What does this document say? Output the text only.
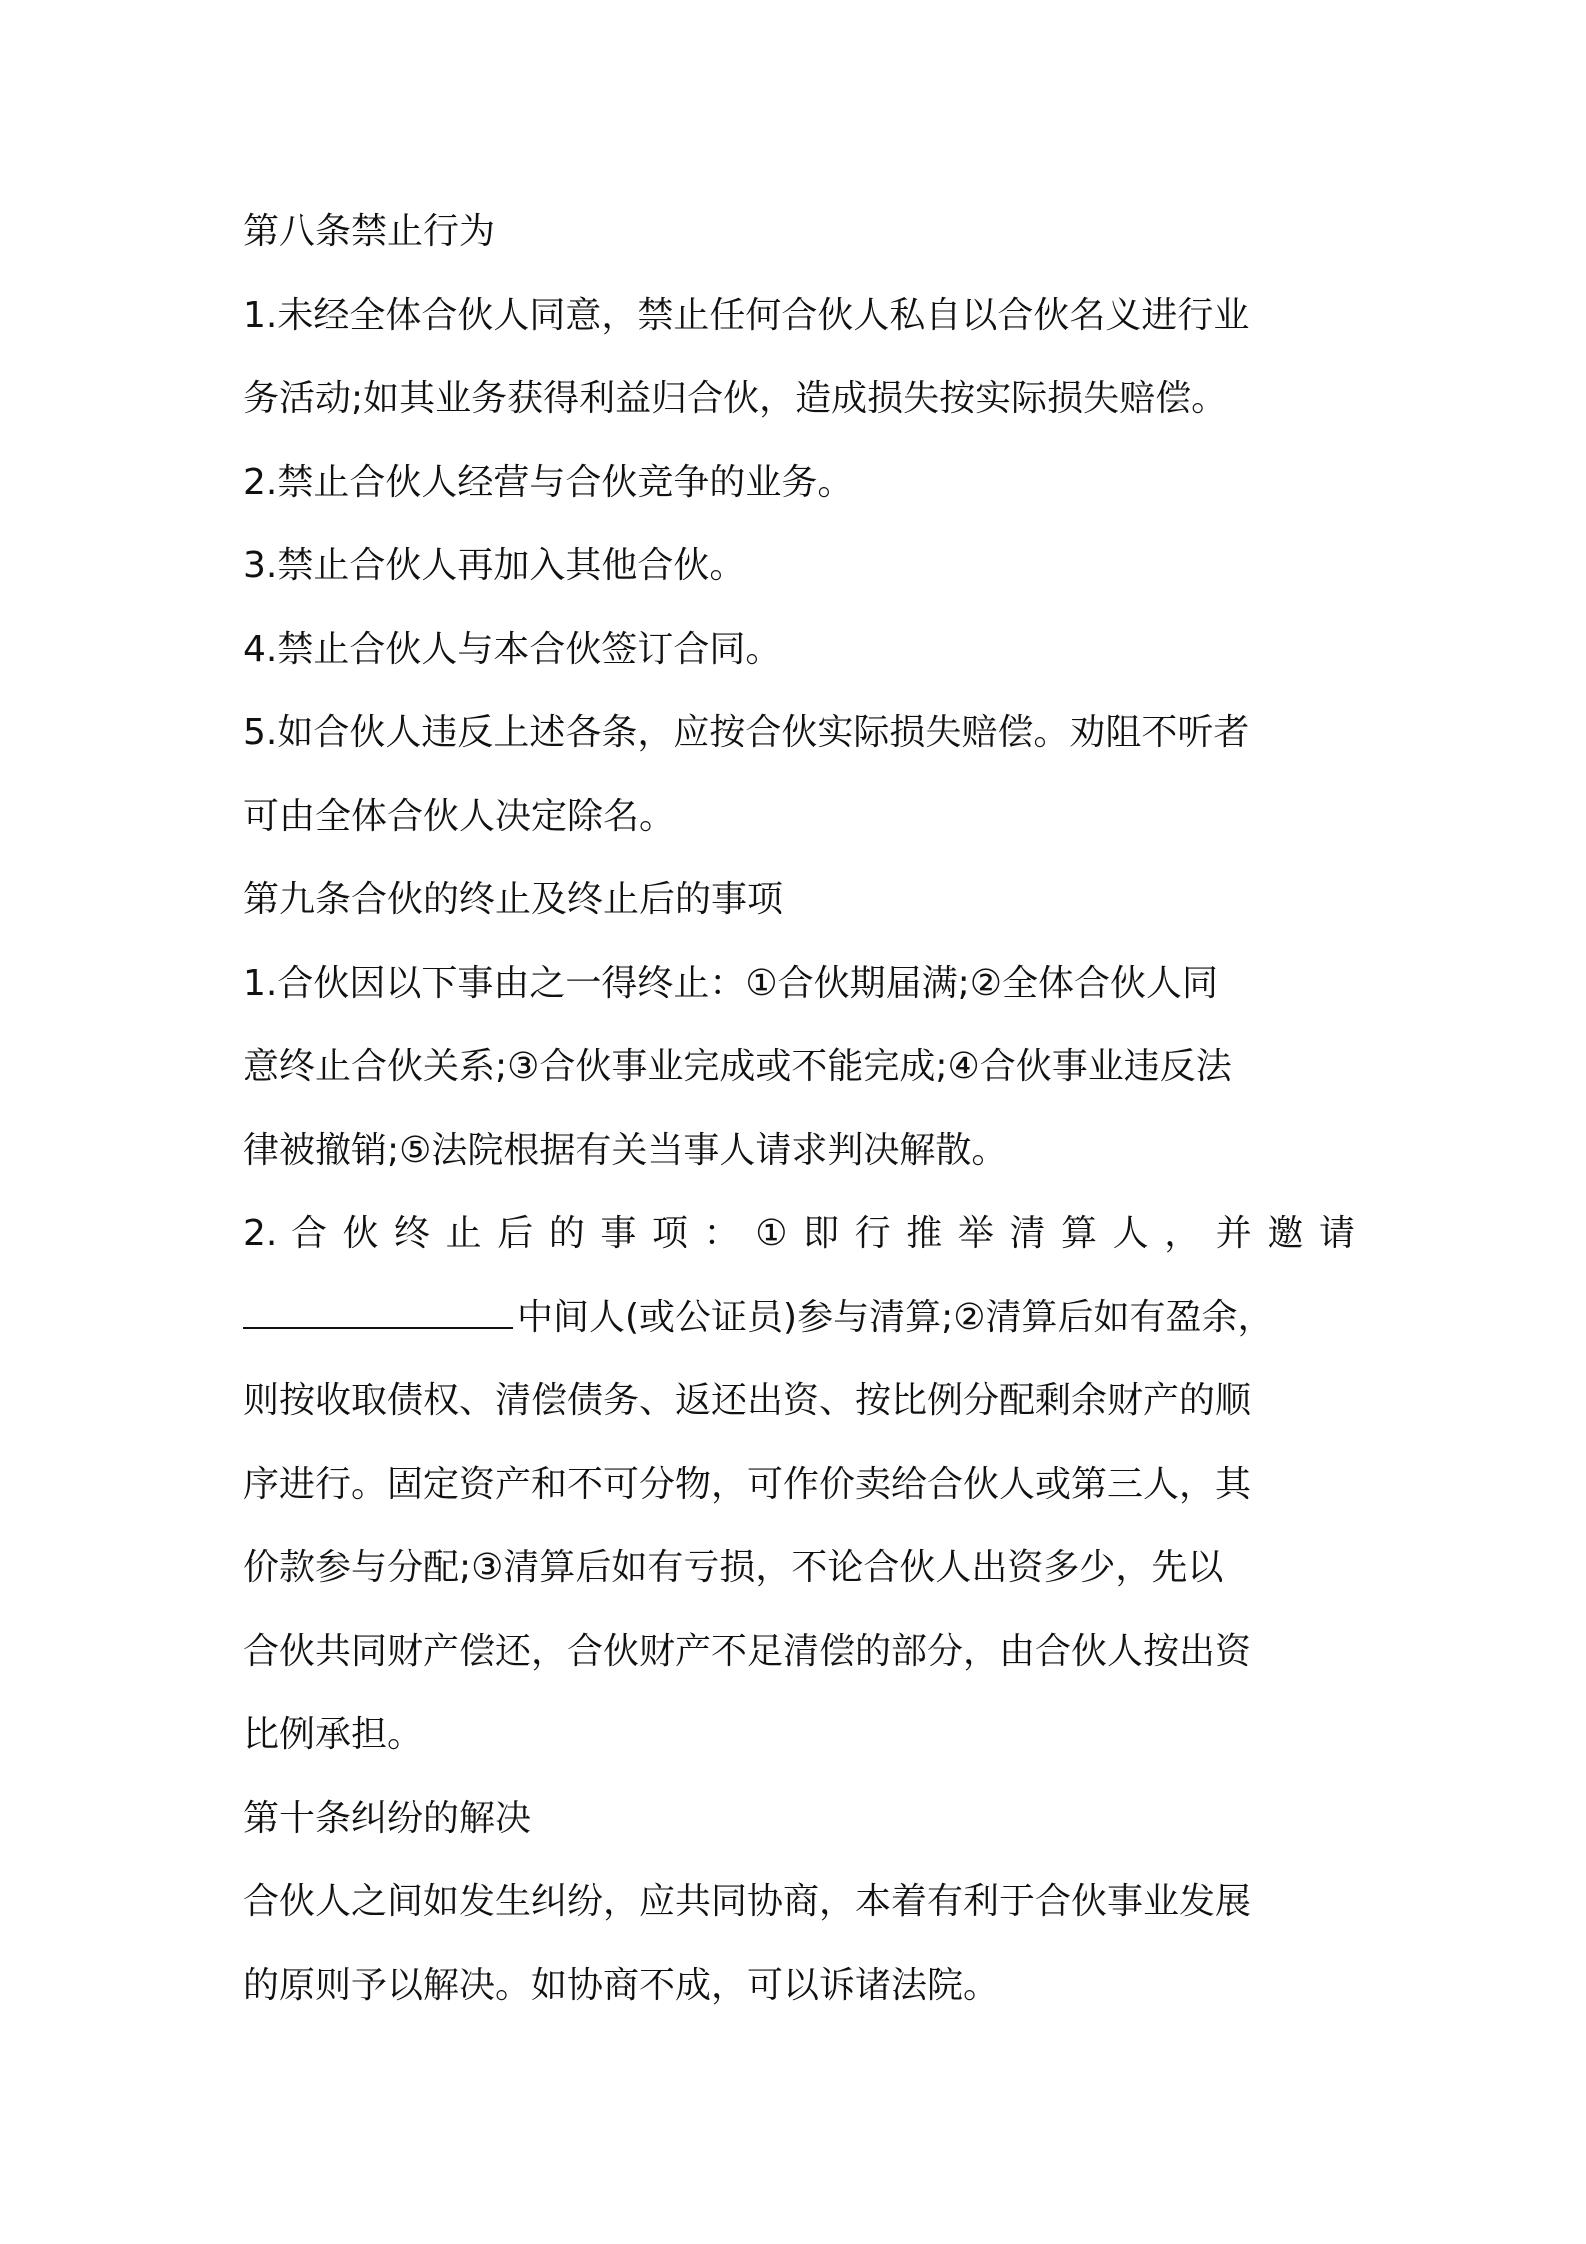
第八条禁止行为
1.未经全体合伙人同意，禁止任何合伙人私自以合伙名义进行业
务活动;如其业务获得利益归合伙，造成损失按实际损失赔偿。
2.禁止合伙人经营与合伙竞争的业务。
3.禁止合伙人再加入其他合伙。
4.禁止合伙人与本合伙签订合同。
5.如合伙人违反上述各条，应按合伙实际损失赔偿。劝阻不听者
可由全体合伙人决定除名。
第九条合伙的终止及终止后的事项
1.合伙因以下事由之一得终止：①合伙期届满;②全体合伙人同
意终止合伙关系;③合伙事业完成或不能完成;④合伙事业违反法
律被撤销;⑤法院根据有关当事人请求判决解散。
2. 合 伙 终 止 后 的 事 项 ： ① 即 行 推 举 清 算 人 ， 并 邀 请
中间人(或公证员)参与清算;②清算后如有盈余，
则按收取债权、清偿债务、返还出资、按比例分配剩余财产的顺
序进行。固定资产和不可分物，可作价卖给合伙人或第三人，其
价款参与分配;③清算后如有亏损，不论合伙人出资多少，先以
合伙共同财产偿还，合伙财产不足清偿的部分，由合伙人按出资
比例承担。
第十条纠纷的解决
合伙人之间如发生纠纷，应共同协商，本着有利于合伙事业发展
的原则予以解决。如协商不成，可以诉诸法院。
